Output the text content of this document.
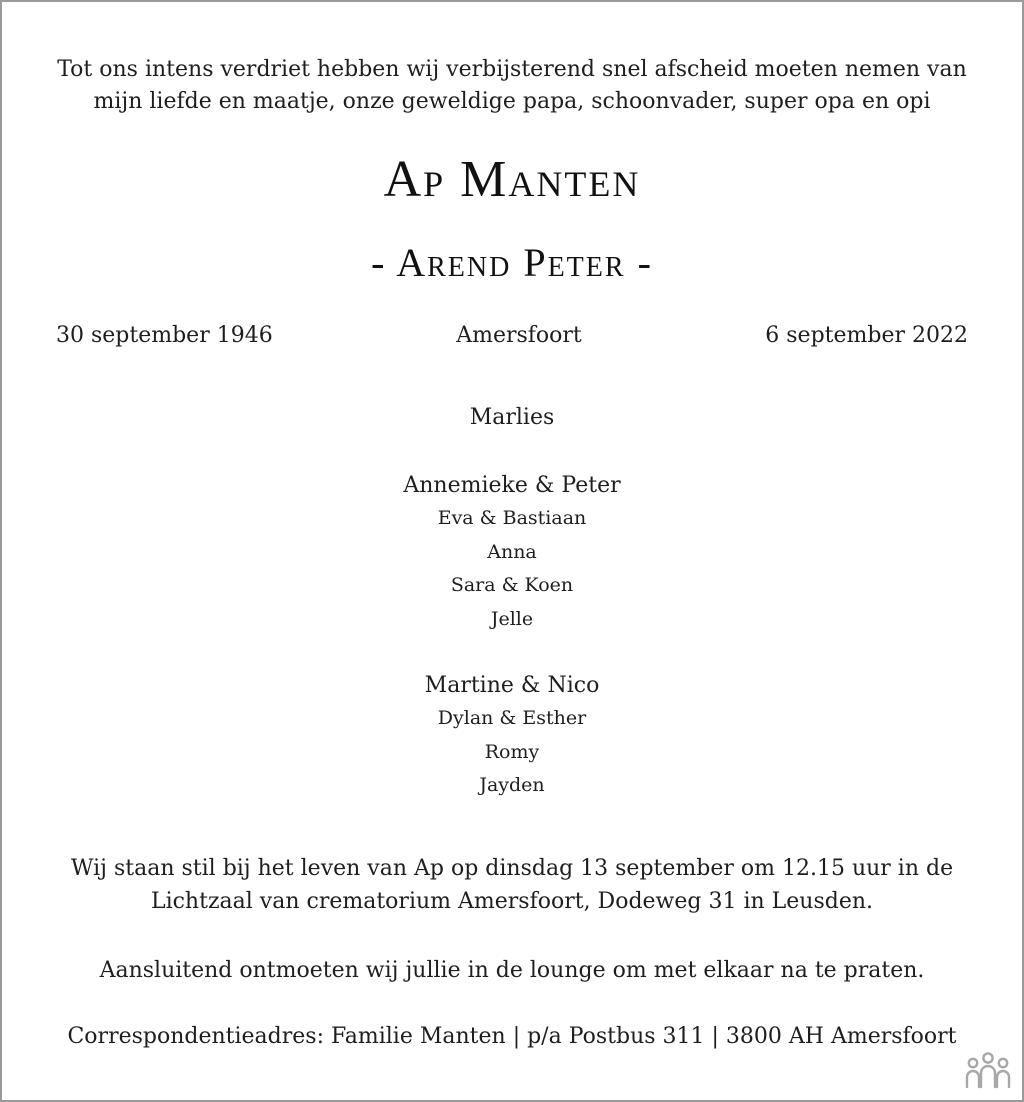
Tot ons intens verdriet hebben wij verbijsterend snel afscheid moeten nemen van
mijn liefde en maatje, onze geweldige papa, schoonvader, super opa en opi
Ap Manten
- Arend Peter -
30 september 1946	Amersfoort	6 september 2022
Marlies
Annemieke & Peter
Eva & Bastiaan
Anna
Sara & Koen
Jelle
Martine & Nico
Dylan & Esther
Romy
Jayden
Wij staan stil bij het leven van Ap op dinsdag 13 september om 12.15 uur in de
Lichtzaal van crematorium Amersfoort, Dodeweg 31 in Leusden.
Aansluitend ontmoeten wij jullie in de lounge om met elkaar na te praten.
Correspondentieadres: Familie Manten | p/a Postbus 311 | 3800 AH Amersfoort
